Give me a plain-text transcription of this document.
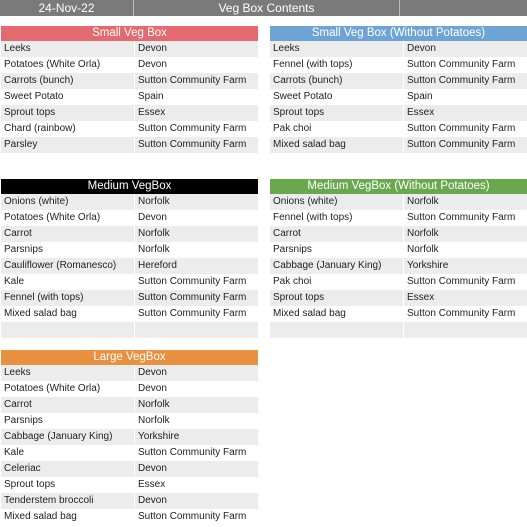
24-Nov-22	Veg Box Contents
Small Veg Box
Leeks	Devon
Potatoes (White Orla)	Devon
Carrots (bunch)	Sutton Community Farm
Sweet Potato	Spain
Sprout tops	Essex
Chard (rainbow)	Sutton Community Farm
Parsley	Sutton Community Farm
Small Veg Box (Without Potatoes)
Leeks	Devon
Fennel (with tops)	Sutton Community Farm
Carrots (bunch)	Sutton Community Farm
Sweet Potato	Spain
Sprout tops	Essex
Pak choi	Sutton Community Farm
Mixed salad bag	Sutton Community Farm
Medium VegBox
Onions (white)	Norfolk
Potatoes (White Orla)	Devon
Carrot	Norfolk
Parsnips	Norfolk
Cauliflower (Romanesco)	Hereford
Kale	Sutton Community Farm
Fennel (with tops)	Sutton Community Farm
Mixed salad bag	Sutton Community Farm
Medium VegBox (Without Potatoes)
Onions (white)	Norfolk
Fennel (with tops)	Sutton Community Farm
Carrot	Norfolk
Parsnips	Norfolk
Cabbage (January King)	Yorkshire
Pak choi	Sutton Community Farm
Sprout tops	Essex
Mixed salad bag	Sutton Community Farm
Large VegBox
Leeks	Devon
Potatoes (White Orla)	Devon
Carrot	Norfolk
Parsnips	Norfolk
Cabbage (January King)	Yorkshire
Kale	Sutton Community Farm
Celeriac	Devon
Sprout tops	Essex
Tenderstem broccoli	Devon
Mixed salad bag	Sutton Community Farm
